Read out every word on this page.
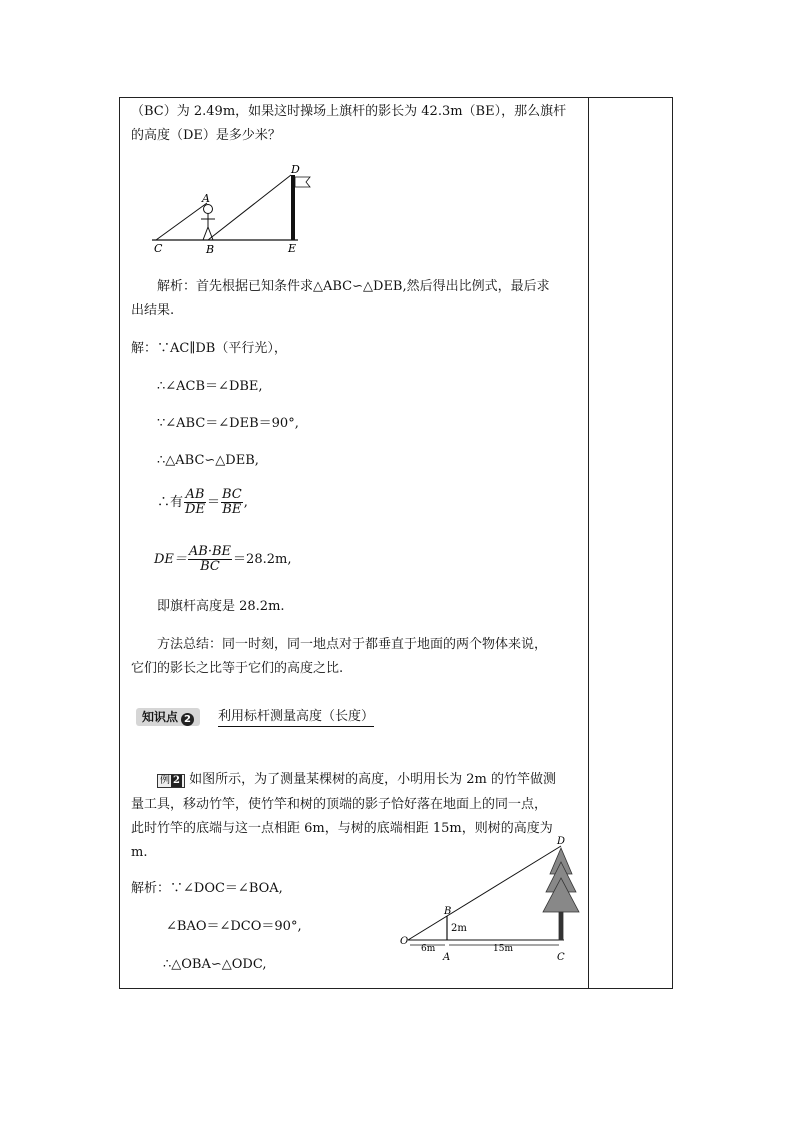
（BC）为 2.49m，如果这时操场上旗杆的影长为 42.3m（BE），那么旗杆
的高度（DE）是多少米？
A
B
C
D
E
解析：首先根据已知条件求△ABC∽△DEB,然后得出比例式，最后求
出结果.
解：∵AC∥DB（平行光），
∴∠ACB＝∠DBE,
∵∠ABC＝∠DEB＝90°,
∴△ABC∽△DEB,
∴有 $\frac{AB}{DE} = \frac{BC}{BE}$ ,
$DE= \frac{AB\cdot BE}{BC} =28.2m$,
即旗杆高度是 28.2m.
方法总结：同一时刻，同一地点对于都垂直于地面的两个物体来说，
它们的影长之比等于它们的高度之比.
知识点 2	利用标杆测量高度（长度）
例 2 如图所示，为了测量某棵树的高度，小明用长为 2m 的竹竿做测
量工具，移动竹竿，使竹竿和树的顶端的影子恰好落在地面上的同一点，
此时竹竿的底端与这一点相距 6m，与树的底端相距 15m，则树的高度为
m.
解析：∵∠DOC＝∠BOA,
∠BAO＝∠DCO＝90°,
∴△OBA∽△ODC,
B
2m
O
6m	15m
A	C
D
